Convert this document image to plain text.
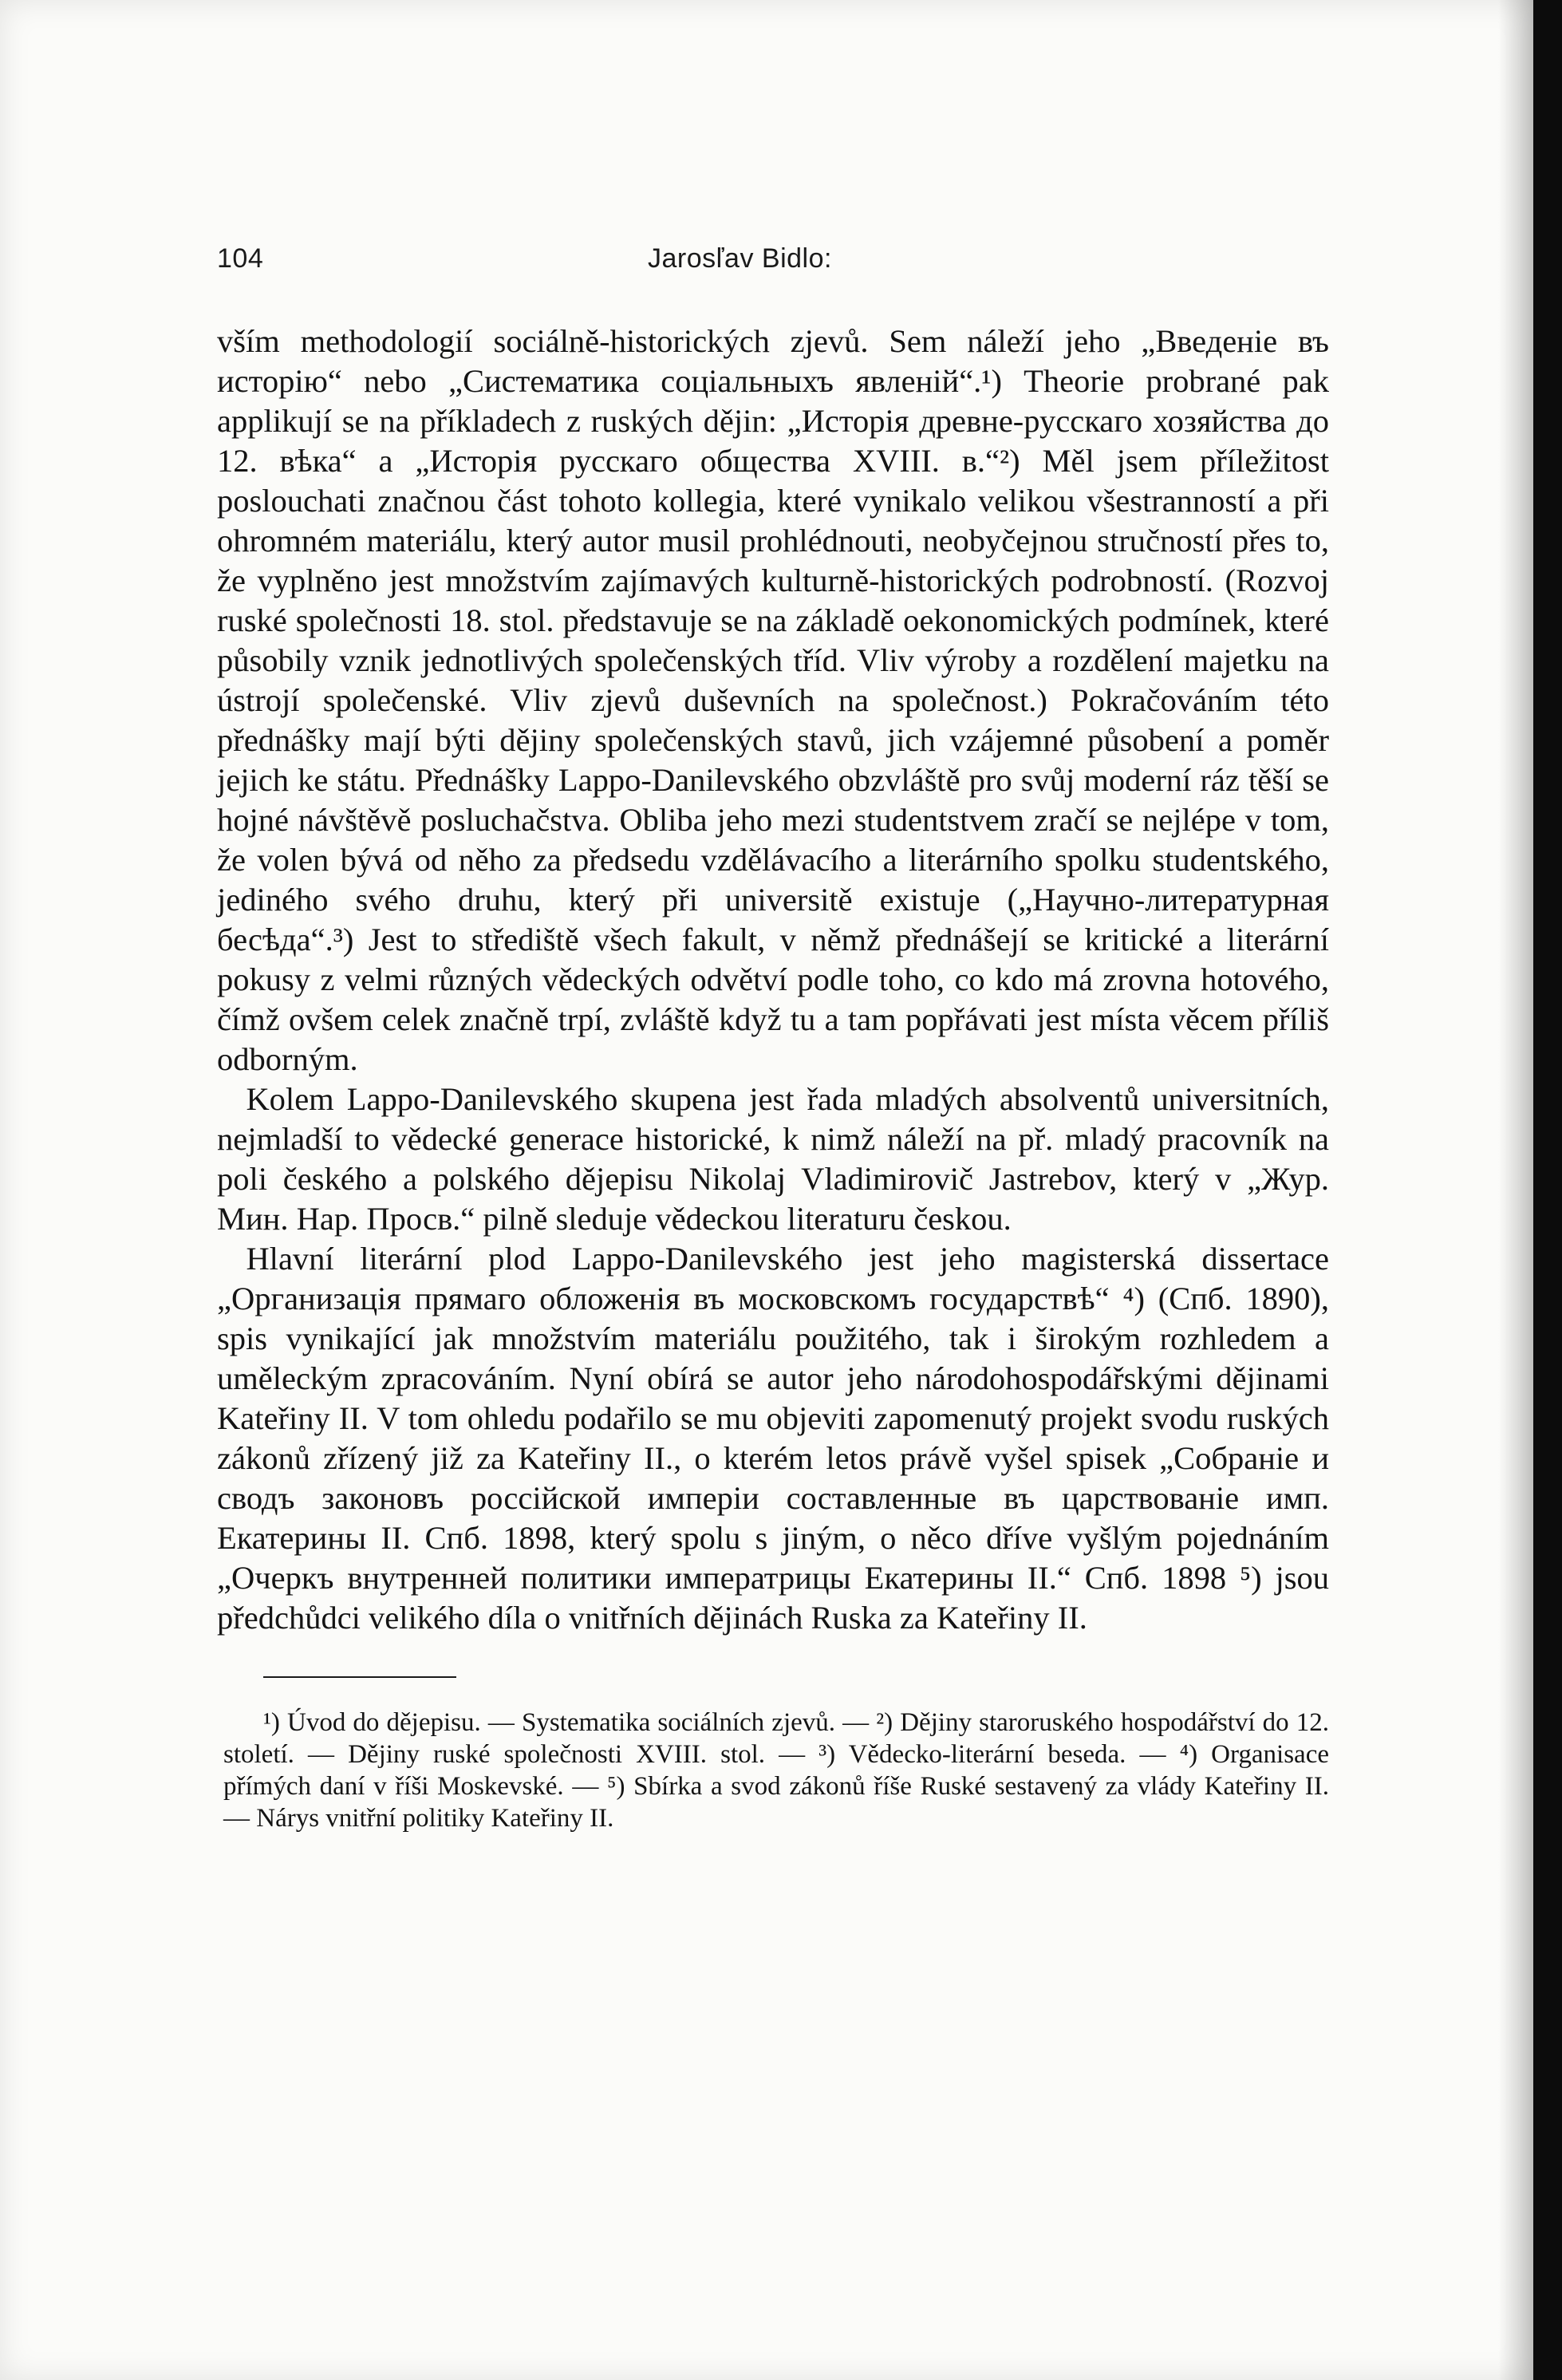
104	Jarosľav Bidlo:

vším methodologií sociálně-historických zjevů. Sem náleží jeho „Введеніе въ исторію“ nebo „Систематика соціальныхъ явленій“.¹) Theorie probrané pak applikují se na příkladech z ruských dějin: „Исторія древне-русскаго хозяйства до 12. вѣка“ a „Исторія русскаго общества XVIII. в.“²) Měl jsem příležitost poslouchati značnou část tohoto kollegia, které vynikalo velikou všestranností a při ohromném materiálu, který autor musil prohlédnouti, neobyčejnou stručností přes to, že vyplněno jest množstvím zajímavých kulturně-historických podrobností. (Rozvoj ruské společnosti 18. stol. představuje se na základě oekonomických podmínek, které působily vznik jednotlivých společenských tříd. Vliv výroby a rozdělení majetku na ústrojí společenské. Vliv zjevů duševních na společnost.) Pokračováním této přednášky mají býti dějiny společenských stavů, jich vzájemné působení a poměr jejich ke státu. Přednášky Lappo-Danilevského obzvláště pro svůj moderní ráz těší se hojné návštěvě posluchačstva. Obliba jeho mezi studentstvem zračí se nejlépe v tom, že volen bývá od něho za předsedu vzdělávacího a literárního spolku studentského, jediného svého druhu, který při universitě existuje („Научно-литературная бесѣда“.³) Jest to střediště všech fakult, v němž přednášejí se kritické a literární pokusy z velmi různých vědeckých odvětví podle toho, co kdo má zrovna hotového, čímž ovšem celek značně trpí, zvláště když tu a tam popřávati jest místa věcem příliš odborným.

Kolem Lappo-Danilevského skupena jest řada mladých absolventů universitních, nejmladší to vědecké generace historické, k nimž náleží na př. mladý pracovník na poli českého a polského dějepisu Nikolaj Vladimirovič Jastrebov, který v „Жур. Мин. Нар. Просв.“ pilně sleduje vědeckou literaturu českou.

Hlavní literární plod Lappo-Danilevského jest jeho magisterská dissertace „Организація прямаго обложенія въ московскомъ государствѣ“ ⁴) (Спб. 1890), spis vynikající jak množstvím materiálu použitého, tak i širokým rozhledem a uměleckým zpracováním. Nyní obírá se autor jeho národohospodářskými dějinami Kateřiny II. V tom ohledu podařilo se mu objeviti zapomenutý projekt svodu ruských zákonů zřízený již za Kateřiny II., o kterém letos právě vyšel spisek „Собраніе и сводъ законовъ россійской имперіи составленные въ царствованіе имп. Екатерины II. Спб. 1898, který spolu s jiným, o něco dříve vyšlým pojednáním „Очеркъ внутренней политики императрицы Екатерины II.“ Спб. 1898 ⁵) jsou předchůdci velikého díla o vnitřních dějinách Ruska za Kateřiny II.

¹) Úvod do dějepisu. — Systematika sociálních zjevů. — ²) Dějiny staroruského hospodářství do 12. století. — Dějiny ruské společnosti XVIII. stol. — ³) Vědecko-literární beseda. — ⁴) Organisace přímých daní v říši Moskevské. — ⁵) Sbírka a svod zákonů říše Ruské sestavený za vlády Kateřiny II. — Nárys vnitřní politiky Kateřiny II.
